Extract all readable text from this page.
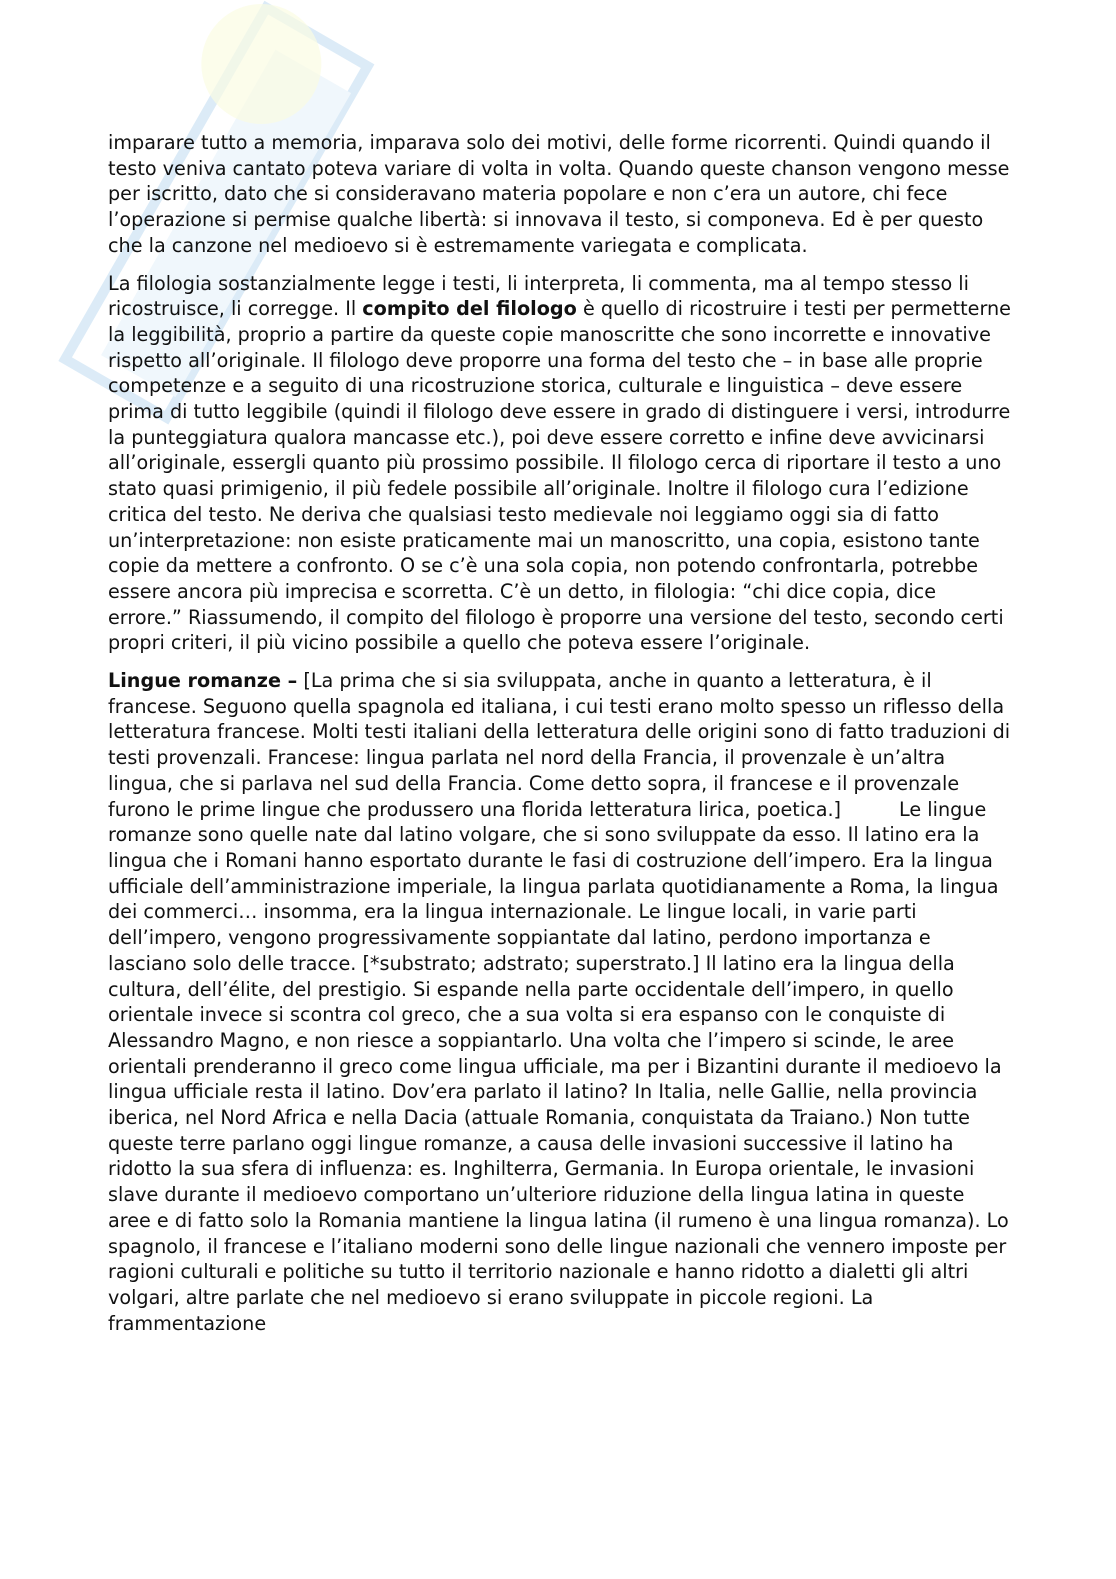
imparare tutto a memoria, imparava solo dei motivi, delle forme ricorrenti. Quindi quando il testo veniva cantato poteva variare di volta in volta. Quando queste chanson vengono messe per iscritto, dato che si consideravano materia popolare e non c’era un autore, chi fece l’operazione si permise qualche libertà: si innovava il testo, si componeva. Ed è per questo che la canzone nel medioevo si è estremamente variegata e complicata.

La filologia sostanzialmente legge i testi, li interpreta, li commenta, ma al tempo stesso li ricostruisce, li corregge. Il compito del filologo è quello di ricostruire i testi per permetterne la leggibilità, proprio a partire da queste copie manoscritte che sono incorrette e innovative rispetto all’originale. Il filologo deve proporre una forma del testo che – in base alle proprie competenze e a seguito di una ricostruzione storica, culturale e linguistica – deve essere prima di tutto leggibile (quindi il filologo deve essere in grado di distinguere i versi, introdurre la punteggiatura qualora mancasse etc.), poi deve essere corretto e infine deve avvicinarsi all’originale, essergli quanto più prossimo possibile. Il filologo cerca di riportare il testo a uno stato quasi primigenio, il più fedele possibile all’originale. Inoltre il filologo cura l’edizione critica del testo. Ne deriva che qualsiasi testo medievale noi leggiamo oggi sia di fatto un’interpretazione: non esiste praticamente mai un manoscritto, una copia, esistono tante copie da mettere a confronto. O se c’è una sola copia, non potendo confrontarla, potrebbe essere ancora più imprecisa e scorretta. C’è un detto, in filologia: “chi dice copia, dice errore.” Riassumendo, il compito del filologo è proporre una versione del testo, secondo certi propri criteri, il più vicino possibile a quello che poteva essere l’originale.

Lingue romanze – [La prima che si sia sviluppata, anche in quanto a letteratura, è il francese. Seguono quella spagnola ed italiana, i cui testi erano molto spesso un riflesso della letteratura francese. Molti testi italiani della letteratura delle origini sono di fatto traduzioni di testi provenzali. Francese: lingua parlata nel nord della Francia, il provenzale è un’altra lingua, che si parlava nel sud della Francia. Come detto sopra, il francese e il provenzale furono le prime lingue che produssero una florida letteratura lirica, poetica.]	Le lingue romanze sono quelle nate dal latino volgare, che si sono sviluppate da esso. Il latino era la lingua che i Romani hanno esportato durante le fasi di costruzione dell’impero. Era la lingua ufficiale dell’amministrazione imperiale, la lingua parlata quotidianamente a Roma, la lingua dei commerci… insomma, era la lingua internazionale. Le lingue locali, in varie parti dell’impero, vengono progressivamente soppiantate dal latino, perdono importanza e lasciano solo delle tracce. [*substrato; adstrato; superstrato.] Il latino era la lingua della cultura, dell’élite, del prestigio. Si espande nella parte occidentale dell’impero, in quello orientale invece si scontra col greco, che a sua volta si era espanso con le conquiste di Alessandro Magno, e non riesce a soppiantarlo. Una volta che l’impero si scinde, le aree orientali prenderanno il greco come lingua ufficiale, ma per i Bizantini durante il medioevo la lingua ufficiale resta il latino. Dov’era parlato il latino? In Italia, nelle Gallie, nella provincia iberica, nel Nord Africa e nella Dacia (attuale Romania, conquistata da Traiano.) Non tutte queste terre parlano oggi lingue romanze, a causa delle invasioni successive il latino ha ridotto la sua sfera di influenza: es. Inghilterra, Germania. In Europa orientale, le invasioni slave durante il medioevo comportano un’ulteriore riduzione della lingua latina in queste aree e di fatto solo la Romania mantiene la lingua latina (il rumeno è una lingua romanza). Lo spagnolo, il francese e l’italiano moderni sono delle lingue nazionali che vennero imposte per ragioni culturali e politiche su tutto il territorio nazionale e hanno ridotto a dialetti gli altri volgari, altre parlate che nel medioevo si erano sviluppate in piccole regioni. La frammentazione
